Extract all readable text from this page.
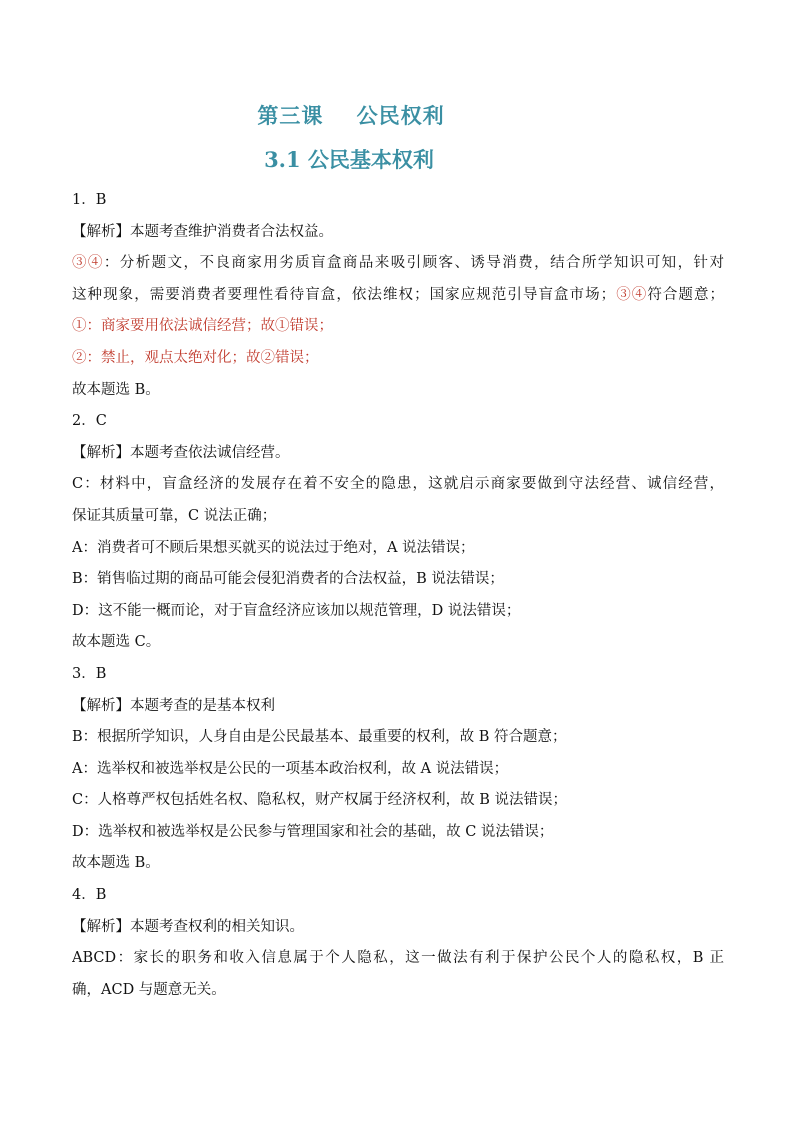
第三课    公民权利
3.1 公民基本权利
1．B
【解析】本题考查维护消费者合法权益。
③④：分析题文，不良商家用劣质盲盒商品来吸引顾客、诱导消费，结合所学知识可知，针对
这种现象，需要消费者要理性看待盲盒，依法维权；国家应规范引导盲盒市场；③④符合题意；
①：商家要用依法诚信经营；故①错误；
②：禁止，观点太绝对化；故②错误；
故本题选 B。
2．C
【解析】本题考查依法诚信经营。
C：材料中，盲盒经济的发展存在着不安全的隐患，这就启示商家要做到守法经营、诚信经营，
保证其质量可靠，C 说法正确；
A：消费者可不顾后果想买就买的说法过于绝对，A 说法错误；
B：销售临过期的商品可能会侵犯消费者的合法权益，B 说法错误；
D：这不能一概而论，对于盲盒经济应该加以规范管理，D 说法错误；
故本题选 C。
3．B
【解析】本题考查的是基本权利
B：根据所学知识，人身自由是公民最基本、最重要的权利，故 B 符合题意；
A：选举权和被选举权是公民的一项基本政治权利，故 A 说法错误；
C：人格尊严权包括姓名权、隐私权，财产权属于经济权利，故 B 说法错误；
D：选举权和被选举权是公民参与管理国家和社会的基础，故 C 说法错误；
故本题选 B。
4．B
【解析】本题考查权利的相关知识。
ABCD：家长的职务和收入信息属于个人隐私，这一做法有利于保护公民个人的隐私权，B 正
确，ACD 与题意无关。
